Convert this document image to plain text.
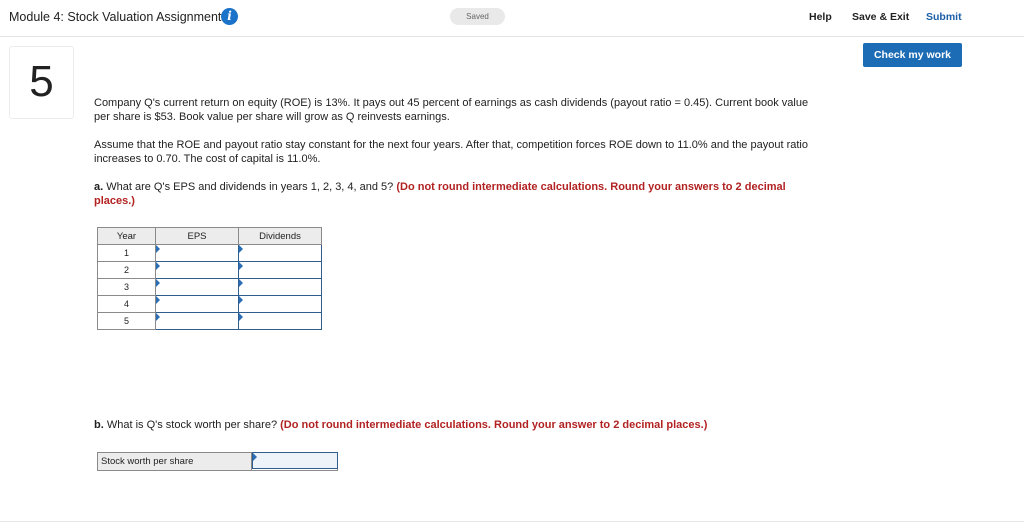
Module 4: Stock Valuation Assignment i	Saved	Help Save & Exit Submit
5
Check my work
Company Q's current return on equity (ROE) is 13%. It pays out 45 percent of earnings as cash dividends (payout ratio = 0.45). Current book value per share is $53. Book value per share will grow as Q reinvests earnings.
Assume that the ROE and payout ratio stay constant for the next four years. After that, competition forces ROE down to 11.0% and the payout ratio increases to 0.70. The cost of capital is 11.0%.
a. What are Q's EPS and dividends in years 1, 2, 3, 4, and 5? (Do not round intermediate calculations. Round your answers to 2 decimal places.)
Year	EPS	Dividends
1		
2		
3		
4		
5		
b. What is Q's stock worth per share? (Do not round intermediate calculations. Round your answer to 2 decimal places.)
Stock worth per share
